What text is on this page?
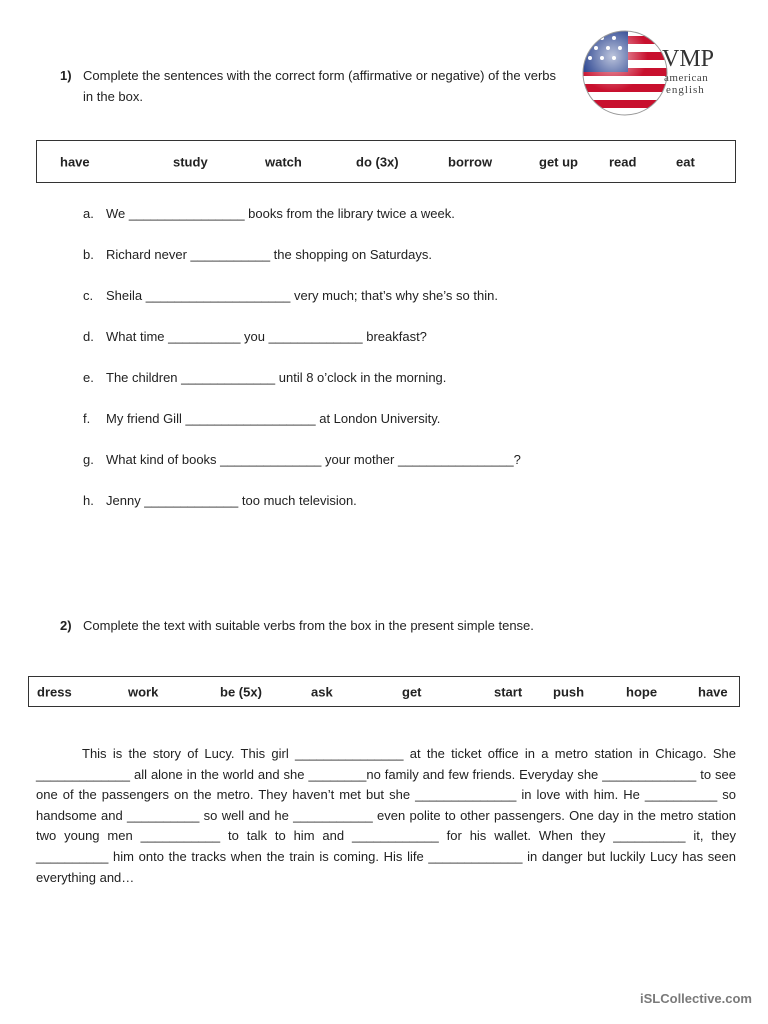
VMP
american
english
1) Complete the sentences with the correct form (affirmative or negative) of the verbs in the box.
have	study	watch	do (3x)	borrow	get up read	eat
a. We ________________ books from the library twice a week.
b. Richard never ___________ the shopping on Saturdays.
c. Sheila ____________________ very much; that’s why she’s so thin.
d. What time __________ you _____________ breakfast?
e. The children _____________ until 8 o’clock in the morning.
f. My friend Gill __________________ at London University.
g. What kind of books ______________ your mother ________________?
h. Jenny _____________ too much television.
2) Complete the text with suitable verbs from the box in the present simple tense.
dress	work	be (5x)	ask	get	start push	hope	have
This is the story of Lucy. This girl _______________ at the ticket office in a metro station in Chicago. She _____________ all alone in the world and she ________no family and few friends. Everyday she _____________ to see one of the passengers on the metro. They haven’t met but she ______________ in love with him. He __________ so handsome and __________ so well and he ___________ even polite to other passengers. One day in the metro station two young men ___________ to talk to him and ____________ for his wallet. When they __________ it, they __________ him onto the tracks when the train is coming. His life _____________ in danger but luckily Lucy has seen everything and…
iSLCollective.com
